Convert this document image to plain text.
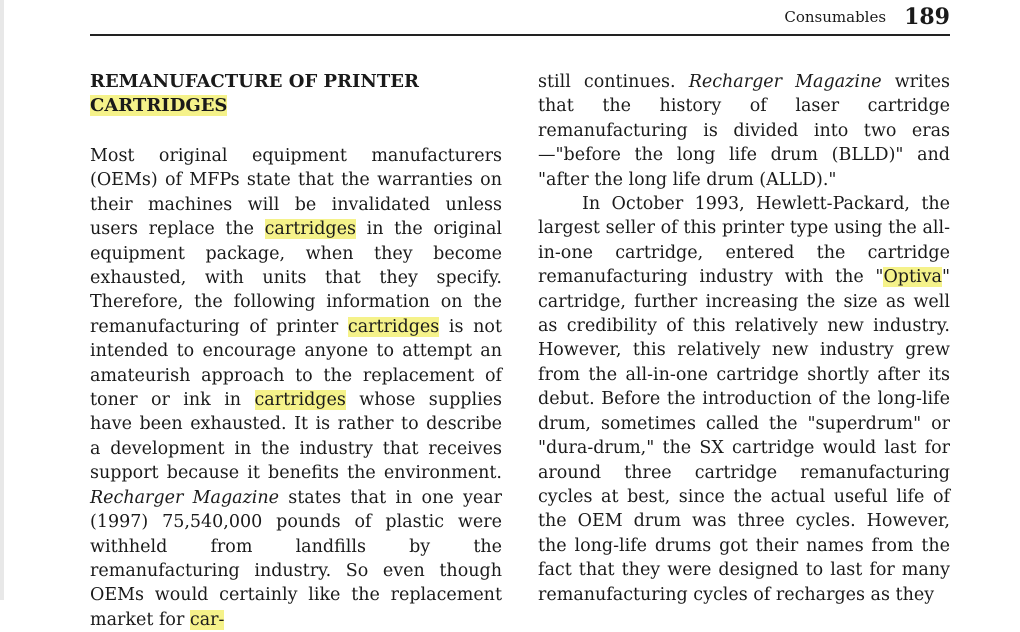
Consumables 189
REMANUFACTURE OF PRINTER
CARTRIDGES

Most original equipment manufacturers (OEMs) of MFPs state that the warranties on their machines will be invalidated unless users replace the cartridges in the original equipment package, when they become exhausted, with units that they specify. Therefore, the following information on the remanufacturing of printer cartridges is not intended to encourage anyone to attempt an amateurish approach to the replacement of toner or ink in cartridges whose supplies have been exhausted. It is rather to describe a development in the industry that receives support because it benefits the environment. Recharger Magazine states that in one year (1997) 75,540,000 pounds of plastic were withheld from landfills by the remanufacturing industry. So even though OEMs would certainly like the replacement market for car-

still continues. Recharger Magazine writes that the history of laser cartridge remanufacturing is divided into two eras—"before the long life drum (BLLD)" and "after the long life drum (ALLD)."

In October 1993, Hewlett-Packard, the largest seller of this printer type using the all-in-one cartridge, entered the cartridge remanufacturing industry with the "Optiva" cartridge, further increasing the size as well as credibility of this relatively new industry. However, this relatively new industry grew from the all-in-one cartridge shortly after its debut. Before the introduction of the long-life drum, sometimes called the "superdrum" or "dura-drum," the SX cartridge would last for around three cartridge remanufacturing cycles at best, since the actual useful life of the OEM drum was three cycles. However, the long-life drums got their names from the fact that they were designed to last for many remanufacturing cycles of recharges as they
